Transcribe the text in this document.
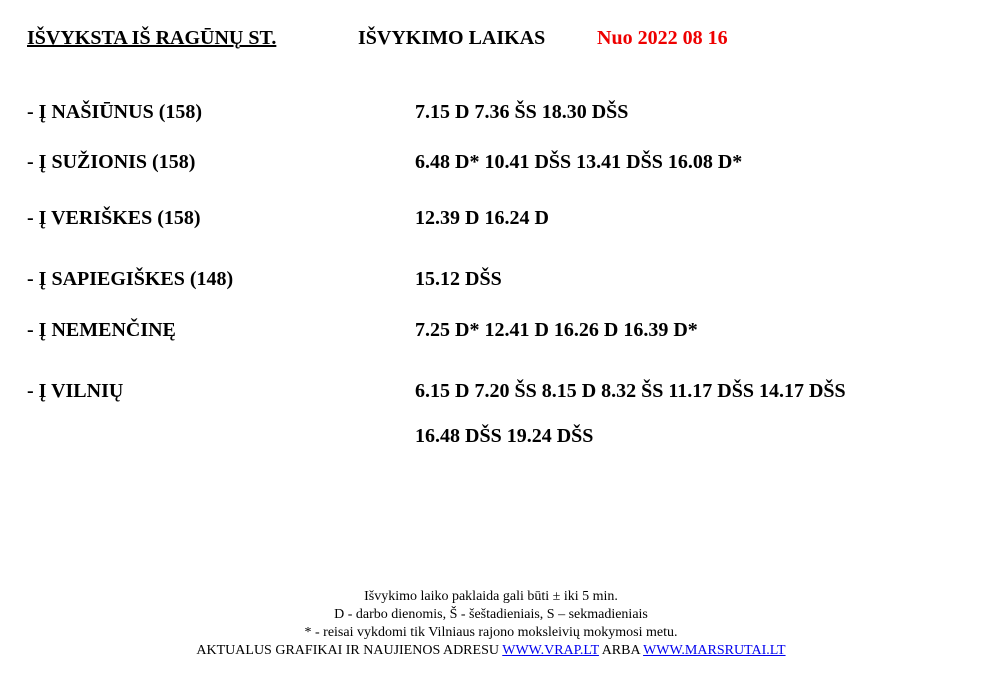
IŠVYKSTA IŠ RAGŪNŲ ST.	IŠVYKIMO LAIKAS	Nuo 2022 08 16
- Į NAŠIŪNUS (158)	7.15 D 7.36 ŠS 18.30 DŠS
- Į SUŽIONIS (158)	6.48 D* 10.41 DŠS 13.41 DŠS 16.08 D*
- Į VERIŠKES (158)	12.39 D 16.24 D
- Į SAPIEGIŠKES (148)	15.12 DŠS
- Į NEMENČINĘ	7.25 D* 12.41 D 16.26 D 16.39 D*
- Į VILNIŲ	6.15 D 7.20 ŠS 8.15 D 8.32 ŠS 11.17 DŠS 14.17 DŠS
16.48 DŠS 19.24 DŠS
Išvykimo laiko paklaida gali būti ± iki 5 min.
D - darbo dienomis, Š - šeštadieniais, S – sekmadieniais
* - reisai vykdomi tik Vilniaus rajono moksleivių mokymosi metu.
AKTUALUS GRAFIKAI IR NAUJIENOS ADRESU WWW.VRAP.LT ARBA WWW.MARSRUTAI.LT
